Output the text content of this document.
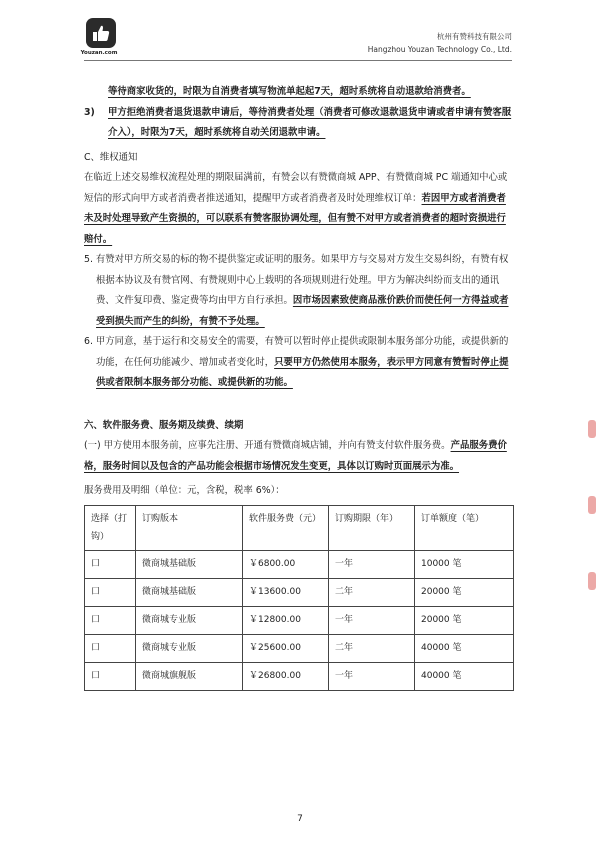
Youzan.com
杭州有赞科技有限公司
Hangzhou Youzan Technology Co., Ltd.

等待商家收货的，时限为自消费者填写物流单起起7天，超时系统将自动退款给消费者。

3) 甲方拒绝消费者退货退款申请后，等待消费者处理（消费者可修改退款退货申请或者申请有赞客服介入），时限为7天，超时系统将自动关闭退款申请。

C、维权通知

在临近上述交易维权流程处理的期限届满前，有赞会以有赞微商城 APP、有赞微商城 PC 端通知中心或短信的形式向甲方或者消费者推送通知，提醒甲方或者消费者及时处理维权订单：若因甲方或者消费者未及时处理导致产生资损的，可以联系有赞客服协调处理，但有赞不对甲方或者消费者的超时资损进行赔付。

5. 有赞对甲方所交易的标的物不提供鉴定或证明的服务。如果甲方与交易对方发生交易纠纷，有赞有权根据本协议及有赞官网、有赞规则中心上载明的各项规则进行处理。甲方为解决纠纷而支出的通讯费、文件复印费、鉴定费等均由甲方自行承担。因市场因素致使商品涨价跌价而使任何一方得益或者受到损失而产生的纠纷，有赞不予处理。

6. 甲方同意，基于运行和交易安全的需要，有赞可以暂时停止提供或限制本服务部分功能，或提供新的功能，在任何功能减少、增加或者变化时，只要甲方仍然使用本服务，表示甲方同意有赞暂时停止提供或者限制本服务部分功能、或提供新的功能。

六、软件服务费、服务期及续费、续期

(一) 甲方使用本服务前，应事先注册、开通有赞微商城店铺，并向有赞支付软件服务费。产品服务费价格，服务时间以及包含的产品功能会根据市场情况发生变更，具体以订购时页面展示为准。

服务费用及明细（单位：元，含税，税率 6%）：

选择（打钩）	订购版本	软件服务费（元）	订购期限（年）	订单额度（笔）
口	微商城基础版	￥6800.00	一年	10000 笔
口	微商城基础版	￥13600.00	二年	20000 笔
口	微商城专业版	￥12800.00	一年	20000 笔
口	微商城专业版	￥25600.00	二年	40000 笔
口	微商城旗舰版	￥26800.00	一年	40000 笔
7
